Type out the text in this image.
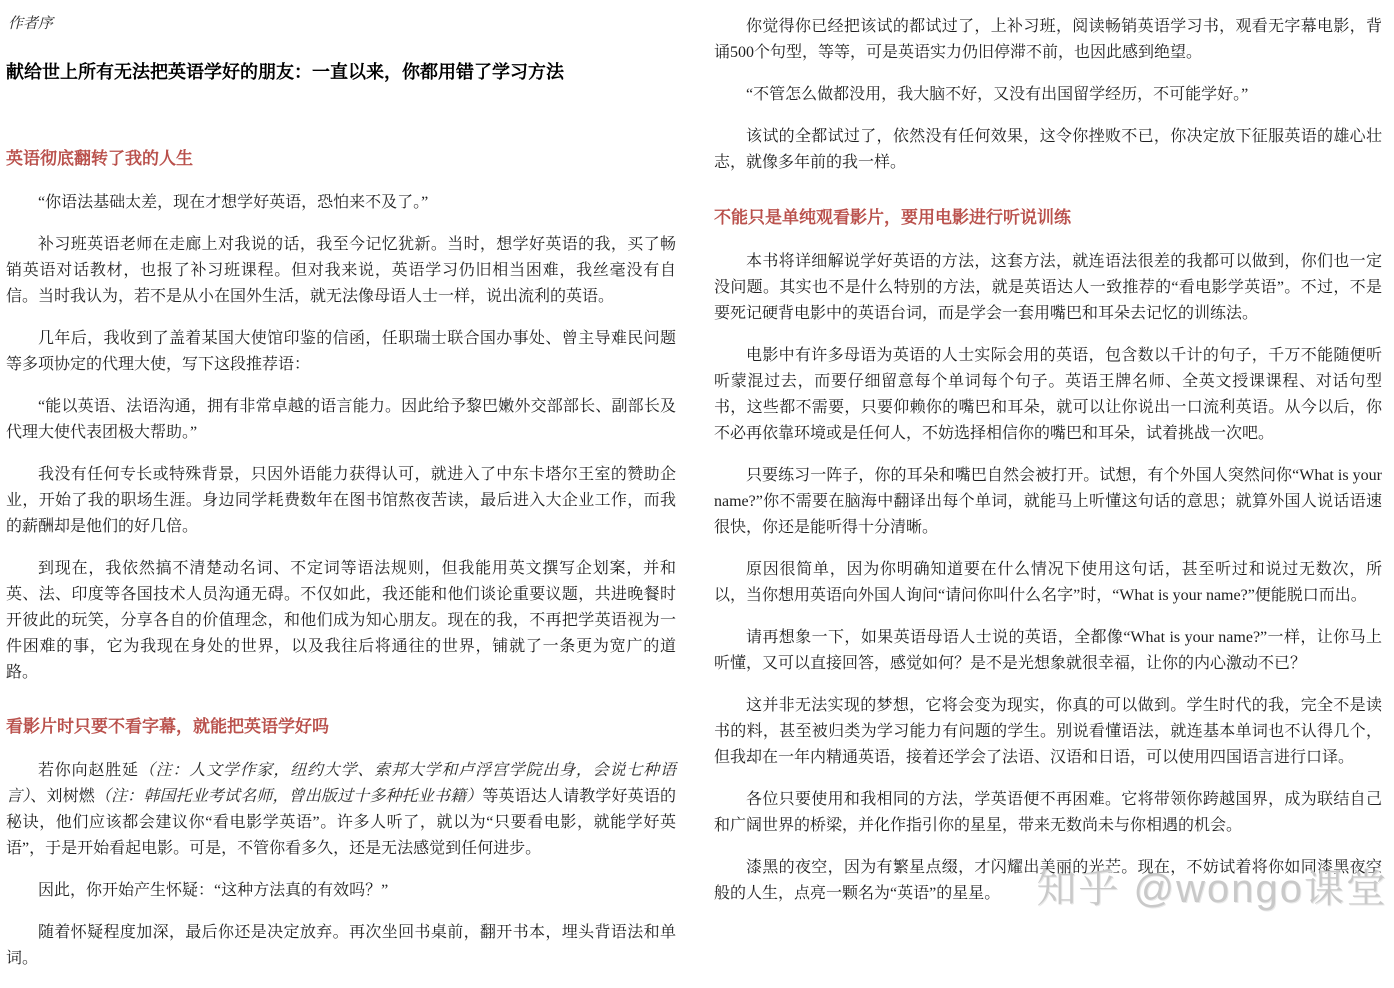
作者序
献给世上所有无法把英语学好的朋友：一直以来，你都用错了学习方法
英语彻底翻转了我的人生

“你语法基础太差，现在才想学好英语，恐怕来不及了。”

补习班英语老师在走廊上对我说的话，我至今记忆犹新。当时，想学好英语的我，买了畅销英语对话教材，也报了补习班课程。但对我来说，英语学习仍旧相当困难，我丝毫没有自信。当时我认为，若不是从小在国外生活，就无法像母语人士一样，说出流利的英语。

几年后，我收到了盖着某国大使馆印鉴的信函，任职瑞士联合国办事处、曾主导难民问题等多项协定的代理大使，写下这段推荐语：

“能以英语、法语沟通，拥有非常卓越的语言能力。因此给予黎巴嫩外交部部长、副部长及代理大使代表团极大帮助。”

我没有任何专长或特殊背景，只因外语能力获得认可，就进入了中东卡塔尔王室的赞助企业，开始了我的职场生涯。身边同学耗费数年在图书馆熬夜苦读，最后进入大企业工作，而我的薪酬却是他们的好几倍。

到现在，我依然搞不清楚动名词、不定词等语法规则，但我能用英文撰写企划案，并和英、法、印度等各国技术人员沟通无碍。不仅如此，我还能和他们谈论重要议题，共进晚餐时开彼此的玩笑，分享各自的价值理念，和他们成为知心朋友。现在的我，不再把学英语视为一件困难的事，它为我现在身处的世界，以及我往后将通往的世界，铺就了一条更为宽广的道路。

看影片时只要不看字幕，就能把英语学好吗

若你向赵胜延（注：人文学作家，纽约大学、索邦大学和卢浮宫学院出身，会说七种语言）、刘树燃（注：韩国托业考试名师，曾出版过十多种托业书籍）等英语达人请教学好英语的秘诀，他们应该都会建议你“看电影学英语”。许多人听了，就以为“只要看电影，就能学好英语”，于是开始看起电影。可是，不管你看多久，还是无法感觉到任何进步。

因此，你开始产生怀疑：“这种方法真的有效吗？”

随着怀疑程度加深，最后你还是决定放弃。再次坐回书桌前，翻开书本，埋头背语法和单词。

你觉得你已经把该试的都试过了，上补习班，阅读畅销英语学习书，观看无字幕电影，背诵500个句型，等等，可是英语实力仍旧停滞不前，也因此感到绝望。

“不管怎么做都没用，我大脑不好，又没有出国留学经历，不可能学好。”

该试的全都试过了，依然没有任何效果，这令你挫败不已，你决定放下征服英语的雄心壮志，就像多年前的我一样。

不能只是单纯观看影片，要用电影进行听说训练

本书将详细解说学好英语的方法，这套方法，就连语法很差的我都可以做到，你们也一定没问题。其实也不是什么特别的方法，就是英语达人一致推荐的“看电影学英语”。不过，不是要死记硬背电影中的英语台词，而是学会一套用嘴巴和耳朵去记忆的训练法。

电影中有许多母语为英语的人士实际会用的英语，包含数以千计的句子，千万不能随便听听蒙混过去，而要仔细留意每个单词每个句子。英语王牌名师、全英文授课课程、对话句型书，这些都不需要，只要仰赖你的嘴巴和耳朵，就可以让你说出一口流利英语。从今以后，你不必再依靠环境或是任何人，不妨选择相信你的嘴巴和耳朵，试着挑战一次吧。

只要练习一阵子，你的耳朵和嘴巴自然会被打开。试想，有个外国人突然问你“What is your name?”你不需要在脑海中翻译出每个单词，就能马上听懂这句话的意思；就算外国人说话语速很快，你还是能听得十分清晰。

原因很简单，因为你明确知道要在什么情况下使用这句话，甚至听过和说过无数次，所以，当你想用英语向外国人询问“请问你叫什么名字”时，“What is your name?”便能脱口而出。

请再想象一下，如果英语母语人士说的英语，全都像“What is your name?”一样，让你马上听懂，又可以直接回答，感觉如何？是不是光想象就很幸福，让你的内心激动不已？

这并非无法实现的梦想，它将会变为现实，你真的可以做到。学生时代的我，完全不是读书的料，甚至被归类为学习能力有问题的学生。别说看懂语法，就连基本单词也不认得几个，但我却在一年内精通英语，接着还学会了法语、汉语和日语，可以使用四国语言进行口译。

各位只要使用和我相同的方法，学英语便不再困难。它将带领你跨越国界，成为联结自己和广阔世界的桥梁，并化作指引你的星星，带来无数尚未与你相遇的机会。

漆黑的夜空，因为有繁星点缀，才闪耀出美丽的光芒。现在，不妨试着将你如同漆黑夜空般的人生，点亮一颗名为“英语”的星星。 知乎 @wongo课堂
